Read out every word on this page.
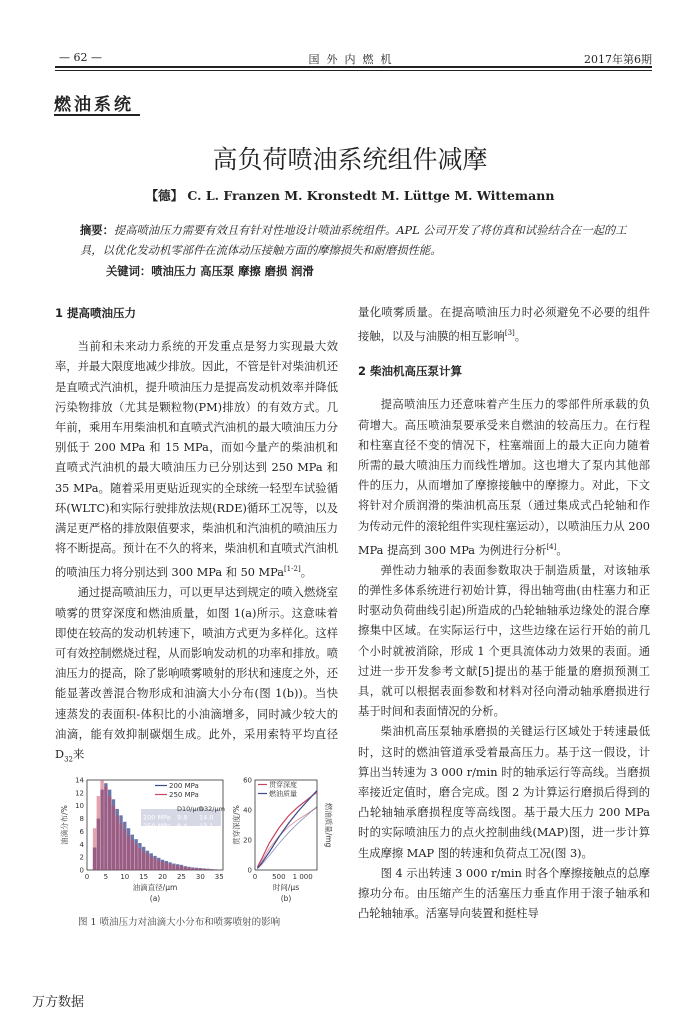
— 62 —	国外内燃机	2017年第6期
燃油系统
高负荷喷油系统组件减摩
【德】 C. L. Franzen M. Kronstedt M. Lüttge M. Wittemann
摘要：提高喷油压力需要有效且有针对性地设计喷油系统组件。APL 公司开发了将仿真和试验结合在一起的工具，以优化发动机零部件在流体动压接触方面的摩擦损失和耐磨损性能。
关键词：喷油压力 高压泵 摩擦 磨损 润滑
1 提高喷油压力

当前和未来动力系统的开发重点是努力实现最大效率，并最大限度地减少排放。因此，不管是针对柴油机还是直喷式汽油机，提升喷油压力是提高发动机效率并降低污染物排放（尤其是颗粒物(PM)排放）的有效方式。几年前，乘用车用柴油机和直喷式汽油机的最大喷油压力分别低于 200 MPa 和 15 MPa，而如今量产的柴油机和直喷式汽油机的最大喷油压力已分别达到 250 MPa 和 35 MPa。随着采用更贴近现实的全球统一轻型车试验循环(WLTC)和实际行驶排放法规(RDE)循环工况等，以及满足更严格的排放限值要求，柴油机和汽油机的喷油压力将不断提高。预计在不久的将来，柴油机和直喷式汽油机的喷油压力将分别达到 300 MPa 和 50 MPa[1-2]。

通过提高喷油压力，可以更早达到规定的喷入燃烧室喷雾的贯穿深度和燃油质量，如图 1(a)所示。这意味着即使在较高的发动机转速下，喷油方式更为多样化。这样可有效控制燃烧过程，从而影响发动机的功率和排放。喷油压力的提高，除了影响喷雾喷射的形状和速度之外，还能显著改善混合物形成和油滴大小分布(图 1(b))。当快速蒸发的表面积-体积比的小油滴增多，同时减少较大的油滴，能有效抑制碳烟生成。此外，采用索特平均直径 $D_{32}$来

量化喷雾质量。在提高喷油压力时必须避免不必要的组件接触，以及与油膜的相互影响[3]。

2 柴油机高压泵计算

提高喷油压力还意味着产生压力的零部件所承载的负荷增大。高压喷油泵要承受来自燃油的较高压力。在行程和柱塞直径不变的情况下，柱塞端面上的最大正向力随着所需的最大喷油压力而线性增加。这也增大了泵内其他部件的压力，从而增加了摩擦接触中的摩擦力。对此，下文将针对介质润滑的柴油机高压泵（通过集成式凸轮轴和作为传动元件的滚轮组件实现柱塞运动），以喷油压力从 200 MPa 提高到 300 MPa 为例进行分析[4]。

弹性动力轴承的表面参数取决于制造质量，对该轴承的弹性多体系统进行初始计算，得出轴弯曲(由柱塞力和正时驱动负荷曲线引起)所造成的凸轮轴轴承边缘处的混合摩擦集中区域。在实际运行中，这些边缘在运行开始的前几个小时就被消除，形成 1 个更具流体动力效果的表面。通过进一步开发参考文献[5]提出的基于能量的磨损预测工具，就可以根据表面参数和材料对径向滑动轴承磨损进行基于时间和表面情况的分析。

柴油机高压泵轴承磨损的关键运行区域处于转速最低时，这时的燃油管道承受着最高压力。基于这一假设，计算出当转速为 3 000 r/min 时的轴承运行等高线。当磨损率接近定值时，磨合完成。图 2 为计算运行磨损后得到的凸轮轴轴承磨损程度等高线图。基于最大压力 200 MPa 时的实际喷油压力的点火控制曲线(MAP)图，进一步计算生成摩擦 MAP 图的转速和负荷点工况(图 3)。

图 4 示出转速 3 000 r/min 时各个摩擦接触点的总摩擦功分布。由压缩产生的活塞压力垂直作用于滚子轴承和凸轮轴轴承。活塞导向装置和挺柱导

0 5 10 15 20 25 30 35
0
2
4
6
8
10
12
14
油滴直径/μm
油滴分布/%
(a)
200 MPa
250 MPa
D10/μm
D32/μm
200 MPa 9.8 14.0
250 MPa 8.4 13.1
0 500 1 000
0
20
40
60
贯穿深度
燃油质量
时间/μs
贯穿深度/%	燃油质量/mg
(b)
图 1 喷油压力对油滴大小分布和喷雾喷射的影响
万方数据
